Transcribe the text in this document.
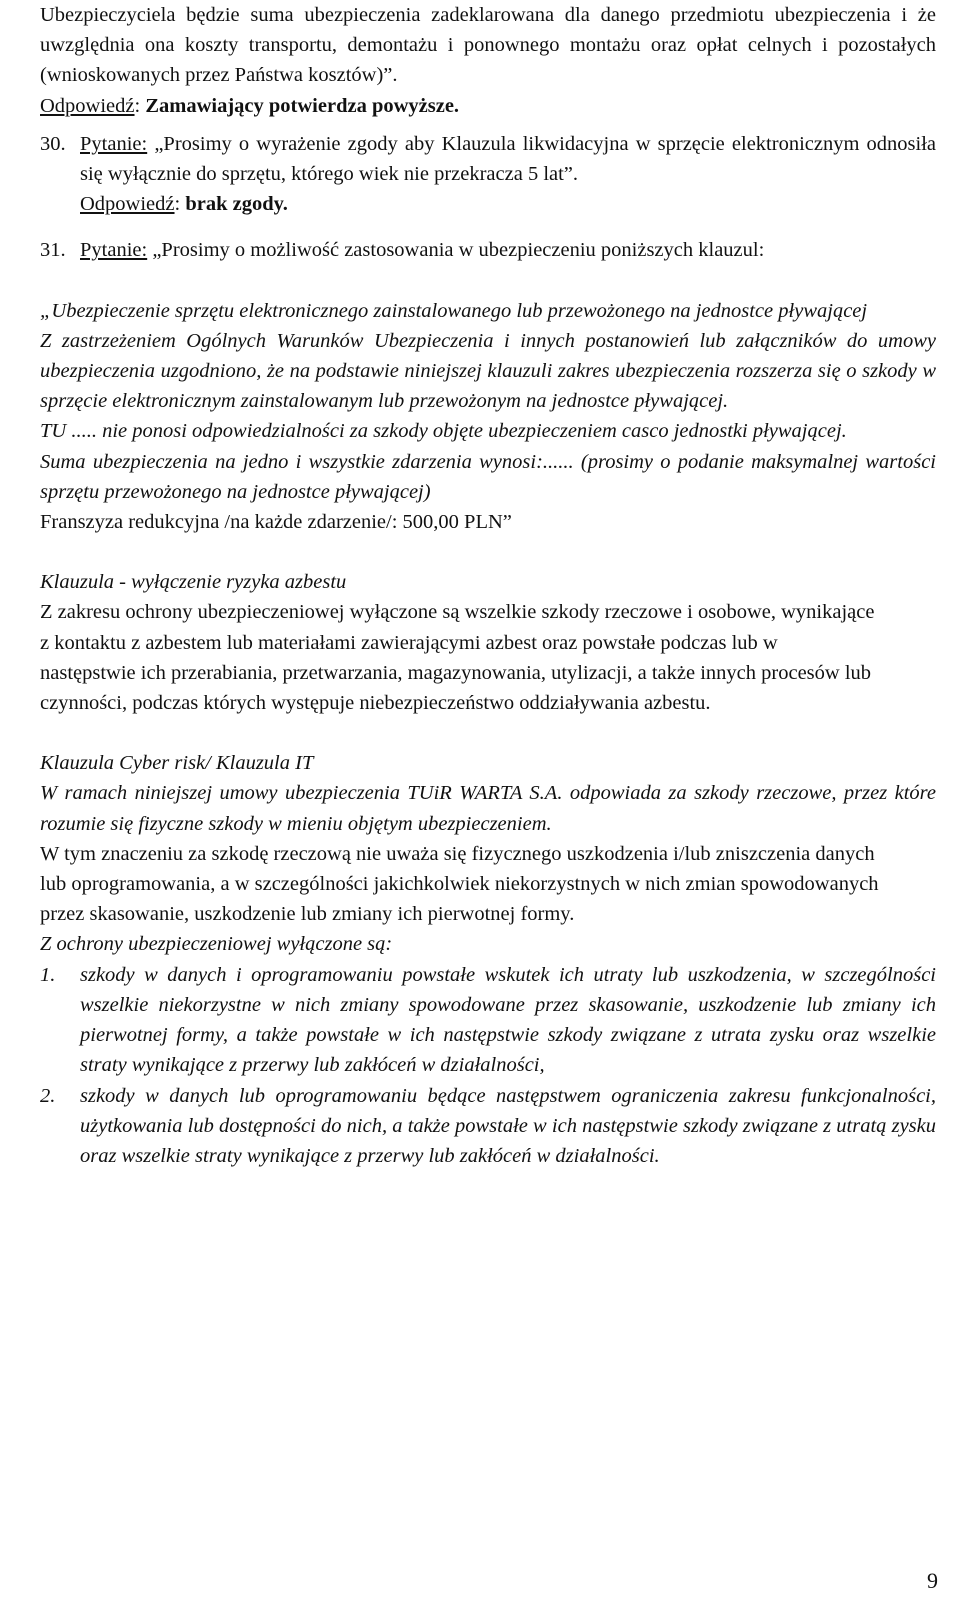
Ubezpieczyciela będzie suma ubezpieczenia zadeklarowana dla danego przedmiotu ubezpieczenia i że uwzględnia ona koszty transportu, demontażu i ponownego montażu oraz opłat celnych i pozostałych (wnioskowanych przez Państwa kosztów)”.

Odpowiedź: Zamawiający potwierdza powyższe.

30. Pytanie: „Prosimy o wyrażenie zgody aby Klauzula likwidacyjna w sprzęcie elektronicznym odnosiła się wyłącznie do sprzętu, którego wiek nie przekracza 5 lat”.

Odpowiedź: brak zgody.

31. Pytanie: „Prosimy o możliwość zastosowania w ubezpieczeniu poniższych klauzul:

„Ubezpieczenie sprzętu elektronicznego zainstalowanego lub przewożonego na jednostce pływającej

Z zastrzeżeniem Ogólnych Warunków Ubezpieczenia i innych postanowień lub załączników do umowy ubezpieczenia uzgodniono, że na podstawie niniejszej klauzuli zakres ubezpieczenia rozszerza się o szkody w sprzęcie elektronicznym zainstalowanym lub przewożonym na jednostce pływającej.

TU ..... nie ponosi odpowiedzialności za szkody objęte ubezpieczeniem casco jednostki pływającej.

Suma ubezpieczenia na jedno i wszystkie zdarzenia wynosi:...... (prosimy o podanie maksymalnej wartości sprzętu przewożonego na jednostce pływającej)

Franszyza redukcyjna /na każde zdarzenie/: 500,00 PLN”

Klauzula - wyłączenie ryzyka azbestu

Z zakresu ochrony ubezpieczeniowej wyłączone są wszelkie szkody rzeczowe i osobowe, wynikające z kontaktu z azbestem lub materiałami zawierającymi azbest oraz powstałe podczas lub w następstwie ich przerabiania, przetwarzania, magazynowania, utylizacji, a także innych procesów lub czynności, podczas których występuje niebezpieczeństwo oddziaływania azbestu.

Klauzula Cyber risk/ Klauzula IT

W ramach niniejszej umowy ubezpieczenia TUiR WARTA S.A. odpowiada za szkody rzeczowe, przez które rozumie się fizyczne szkody w mieniu objętym ubezpieczeniem.

W tym znaczeniu za szkodę rzeczową nie uważa się fizycznego uszkodzenia i/lub zniszczenia danych lub oprogramowania, a w szczególności jakichkolwiek niekorzystnych w nich zmian spowodowanych przez skasowanie, uszkodzenie lub zmiany ich pierwotnej formy.

Z ochrony ubezpieczeniowej wyłączone są:

1.	szkody w danych i oprogramowaniu powstałe wskutek ich utraty lub uszkodzenia, w szczególności wszelkie niekorzystne w nich zmiany spowodowane przez skasowanie, uszkodzenie lub zmiany ich pierwotnej formy, a także powstałe w ich następstwie szkody związane z utrata zysku oraz wszelkie straty wynikające z przerwy lub zakłóceń w działalności,
2.	szkody w danych lub oprogramowaniu będące następstwem ograniczenia zakresu funkcjonalności, użytkowania lub dostępności do nich, a także powstałe w ich następstwie szkody związane z utratą zysku oraz wszelkie straty wynikające z przerwy lub zakłóceń w działalności.
9
